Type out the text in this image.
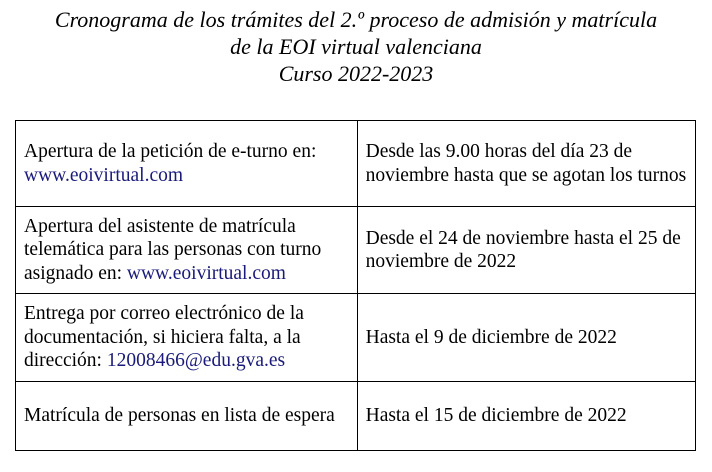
Cronograma de los trámites del 2.º proceso de admisión y matrícula
de la EOI virtual valenciana
Curso 2022-2023
Apertura de la petición de e-turno en: www.eoivirtual.com	Desde las 9.00 horas del día 23 de noviembre hasta que se agotan los turnos
Apertura del asistente de matrícula telemática para las personas con turno asignado en: www.eoivirtual.com	Desde el 24 de noviembre hasta el 25 de noviembre de 2022
Entrega por correo electrónico de la documentación, si hiciera falta, a la dirección: 12008466@edu.gva.es	Hasta el 9 de diciembre de 2022
Matrícula de personas en lista de espera	Hasta el 15 de diciembre de 2022
